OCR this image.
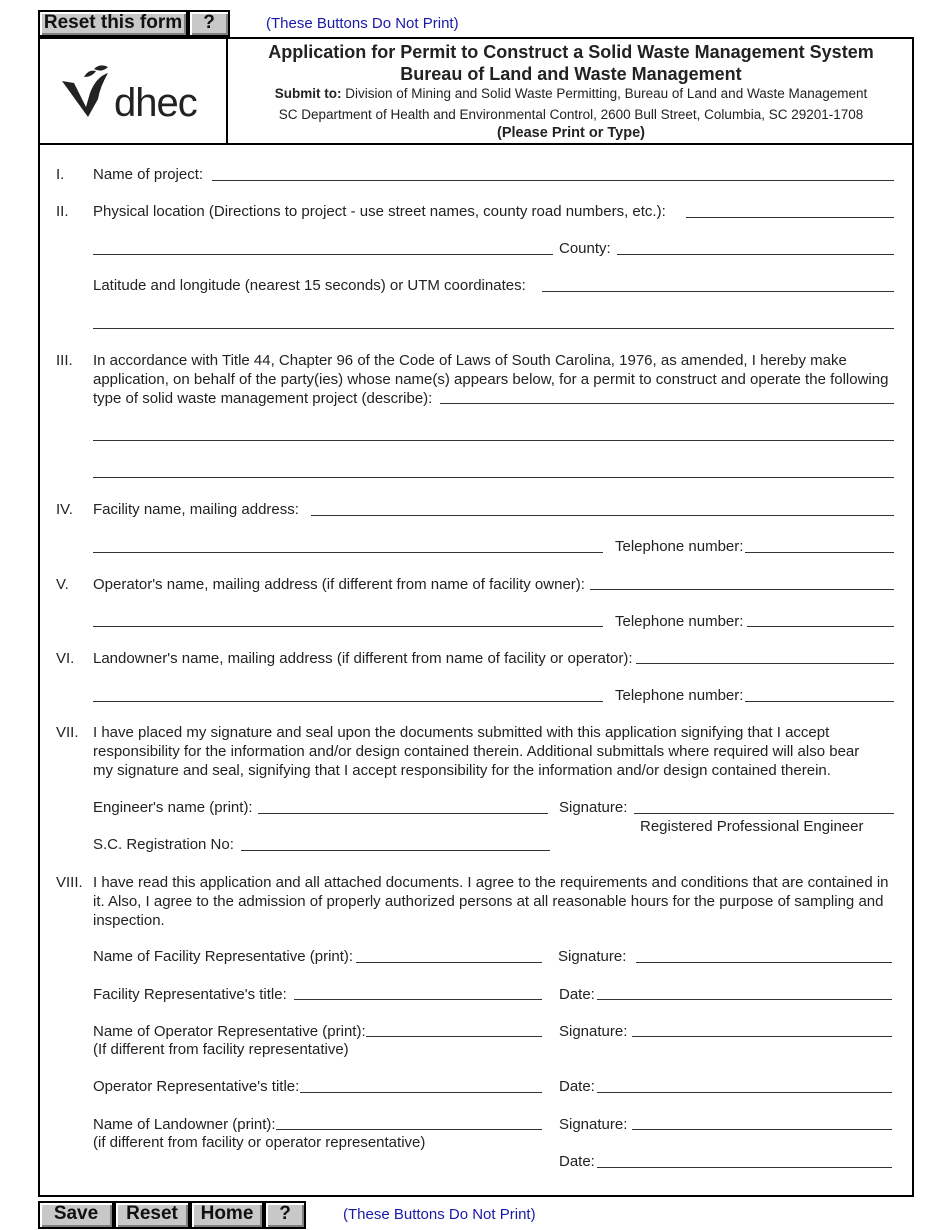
Reset this form	?	(These Buttons Do Not Print)
dhec
Application for Permit to Construct a Solid Waste Management System
Bureau of Land and Waste Management
Submit to: Division of Mining and Solid Waste Permitting, Bureau of Land and Waste Management
SC Department of Health and Environmental Control, 2600 Bull Street, Columbia, SC 29201-1708
(Please Print or Type)
I. Name of project:
II. Physical location (Directions to project - use street names, county road numbers, etc.):
County:
Latitude and longitude (nearest 15 seconds) or UTM coordinates:
III. In accordance with Title 44, Chapter 96 of the Code of Laws of South Carolina, 1976, as amended, I hereby make
application, on behalf of the party(ies) whose name(s) appears below, for a permit to construct and operate the following
type of solid waste management project (describe):
IV. Facility name, mailing address:
Telephone number:
V. Operator's name, mailing address (if different from name of facility owner):
Telephone number:
VI. Landowner's name, mailing address (if different from name of facility or operator):
Telephone number:
VII. I have placed my signature and seal upon the documents submitted with this application signifying that I accept
responsibility for the information and/or design contained therein. Additional submittals where required will also bear
my signature and seal, signifying that I accept responsibility for the information and/or design contained therein.
Engineer's name (print):	Signature:
Registered Professional Engineer
S.C. Registration No:
VIII. I have read this application and all attached documents. I agree to the requirements and conditions that are contained in
it. Also, I agree to the admission of properly authorized persons at all reasonable hours for the purpose of sampling and
inspection.
Name of Facility Representative (print):	Signature:
Facility Representative's title:	Date:
Name of Operator Representative (print):	Signature:
(If different from facility representative)
Operator Representative's title:	Date:
Name of Landowner (print):	Signature:
(if different from facility or operator representative)
Date:
Save	Reset	Home	?	(These Buttons Do Not Print)
